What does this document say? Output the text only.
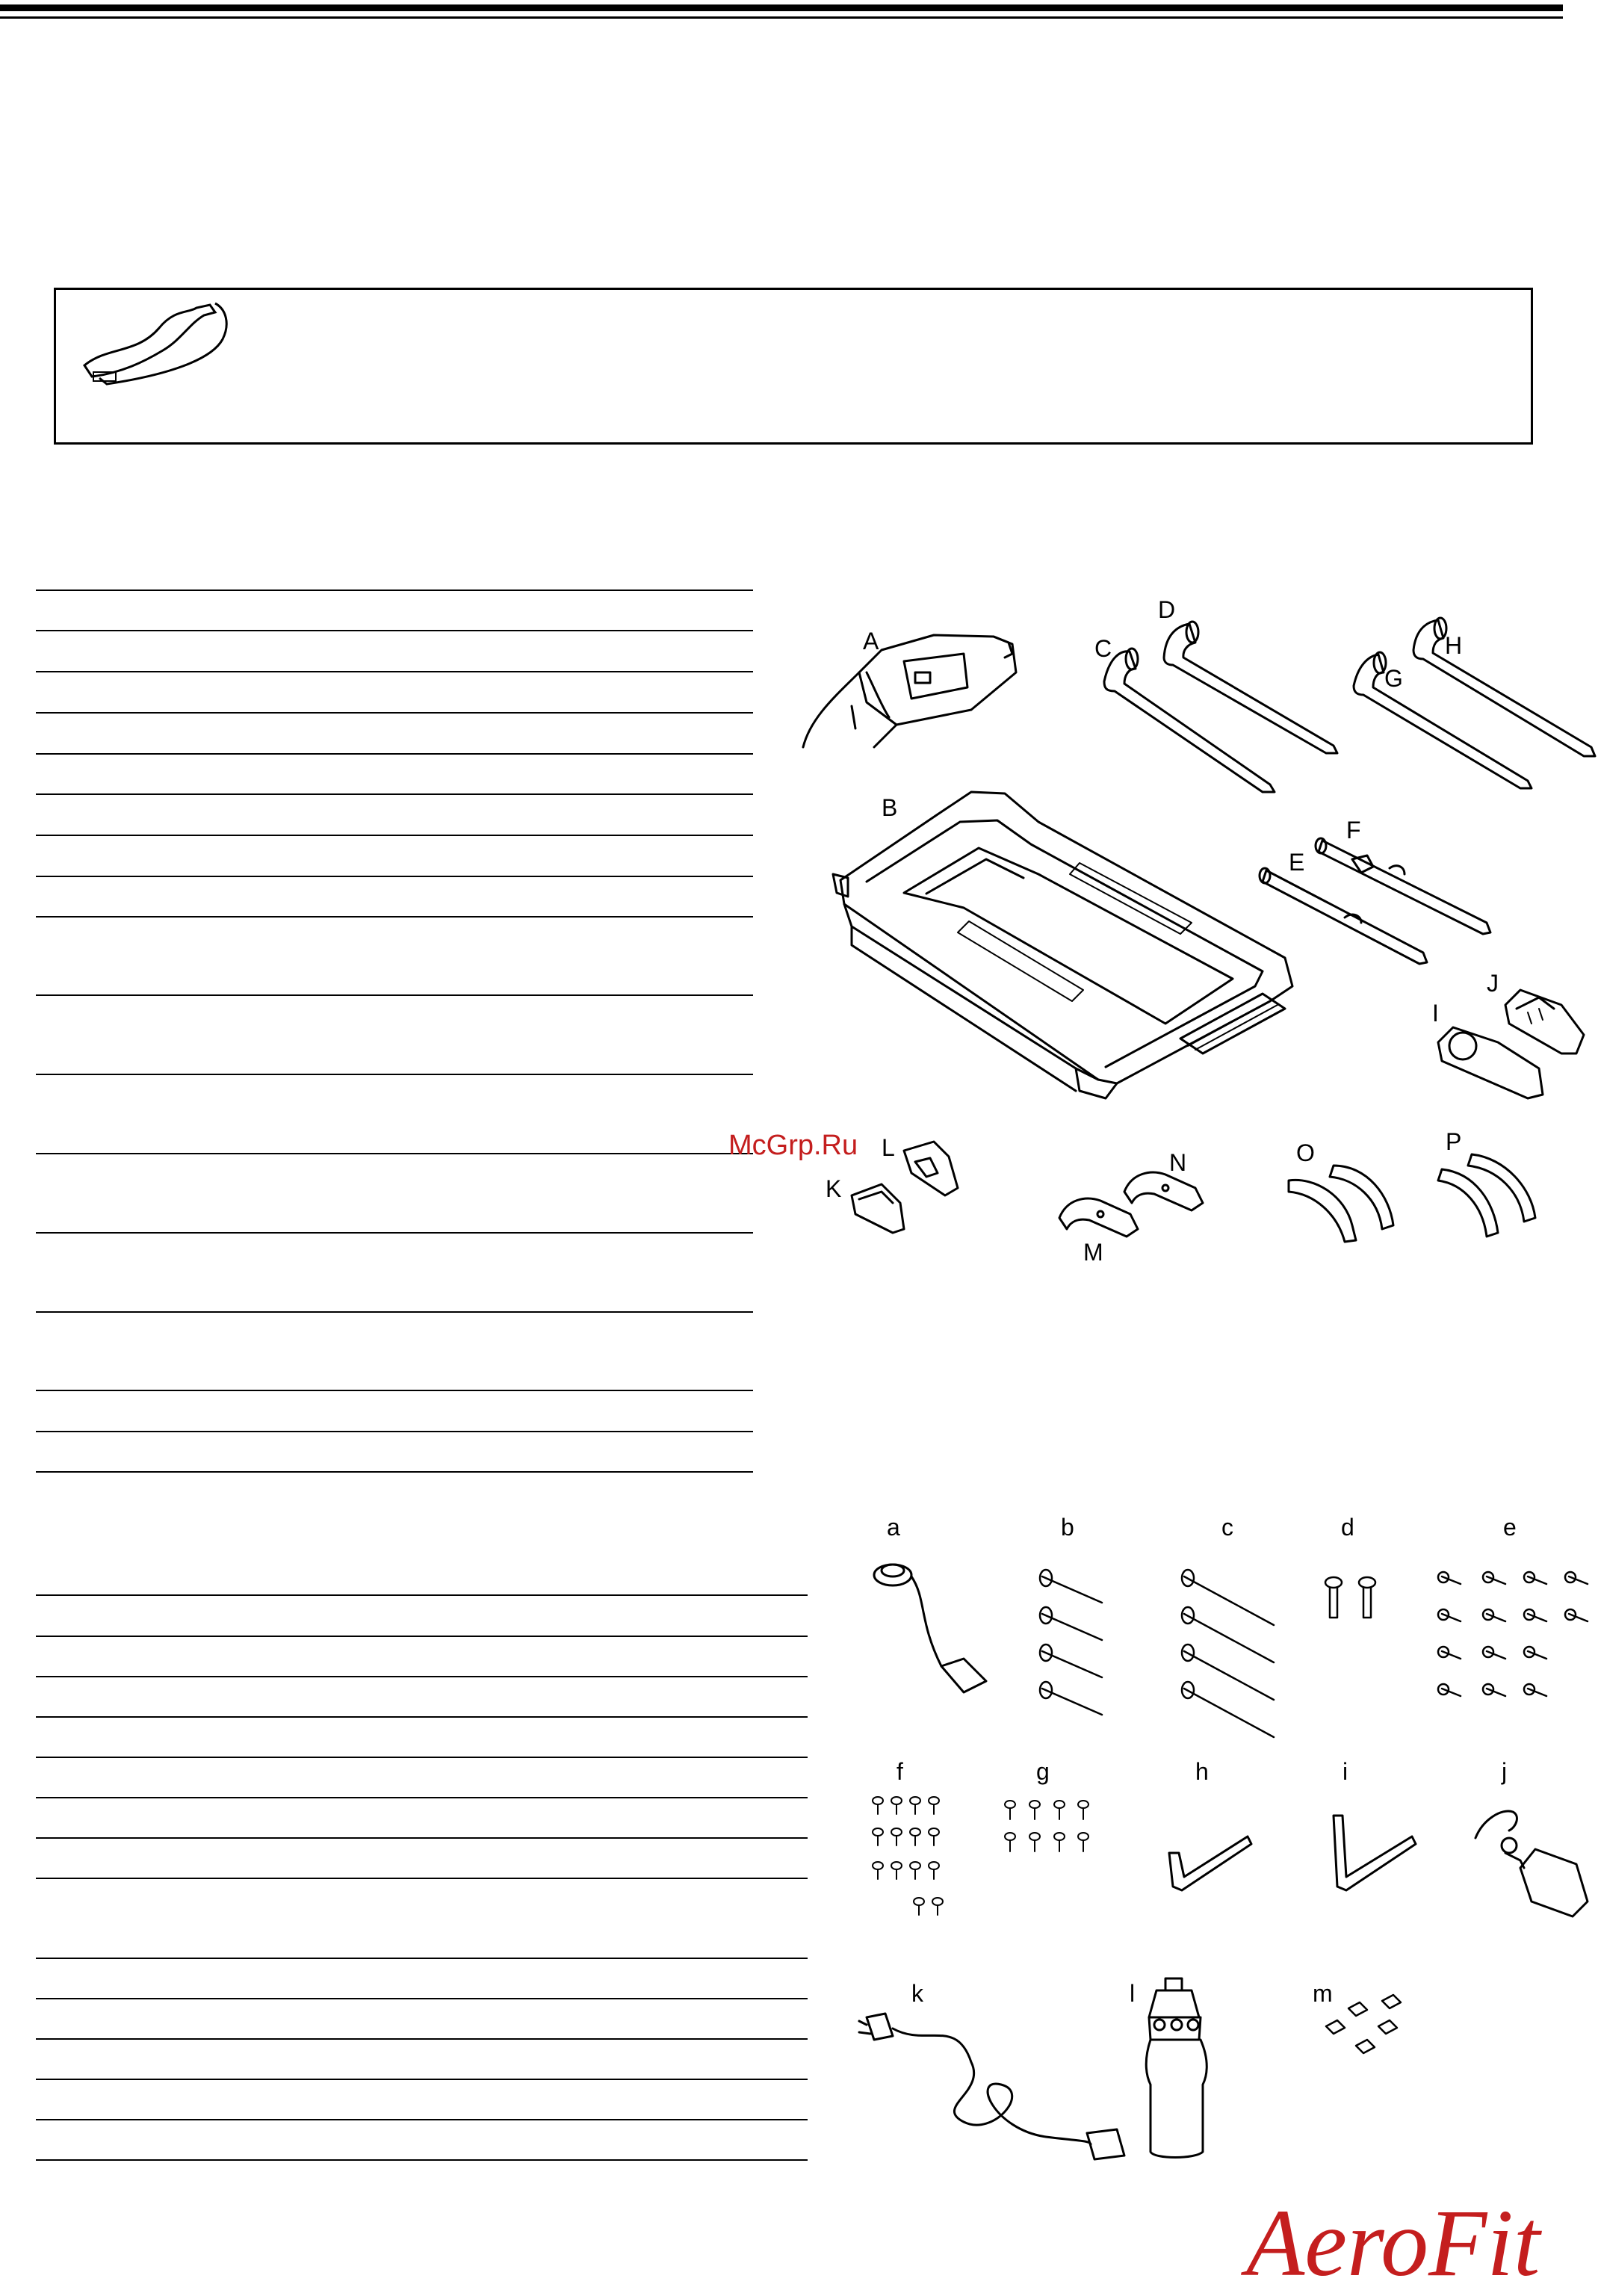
A
B
C
D
E
F
G
H
I
J
K
L
M
N	O	P
a	b	c	d	e
f	g	h	i	j
k	l	m
McGrp.Ru
AeroFit
